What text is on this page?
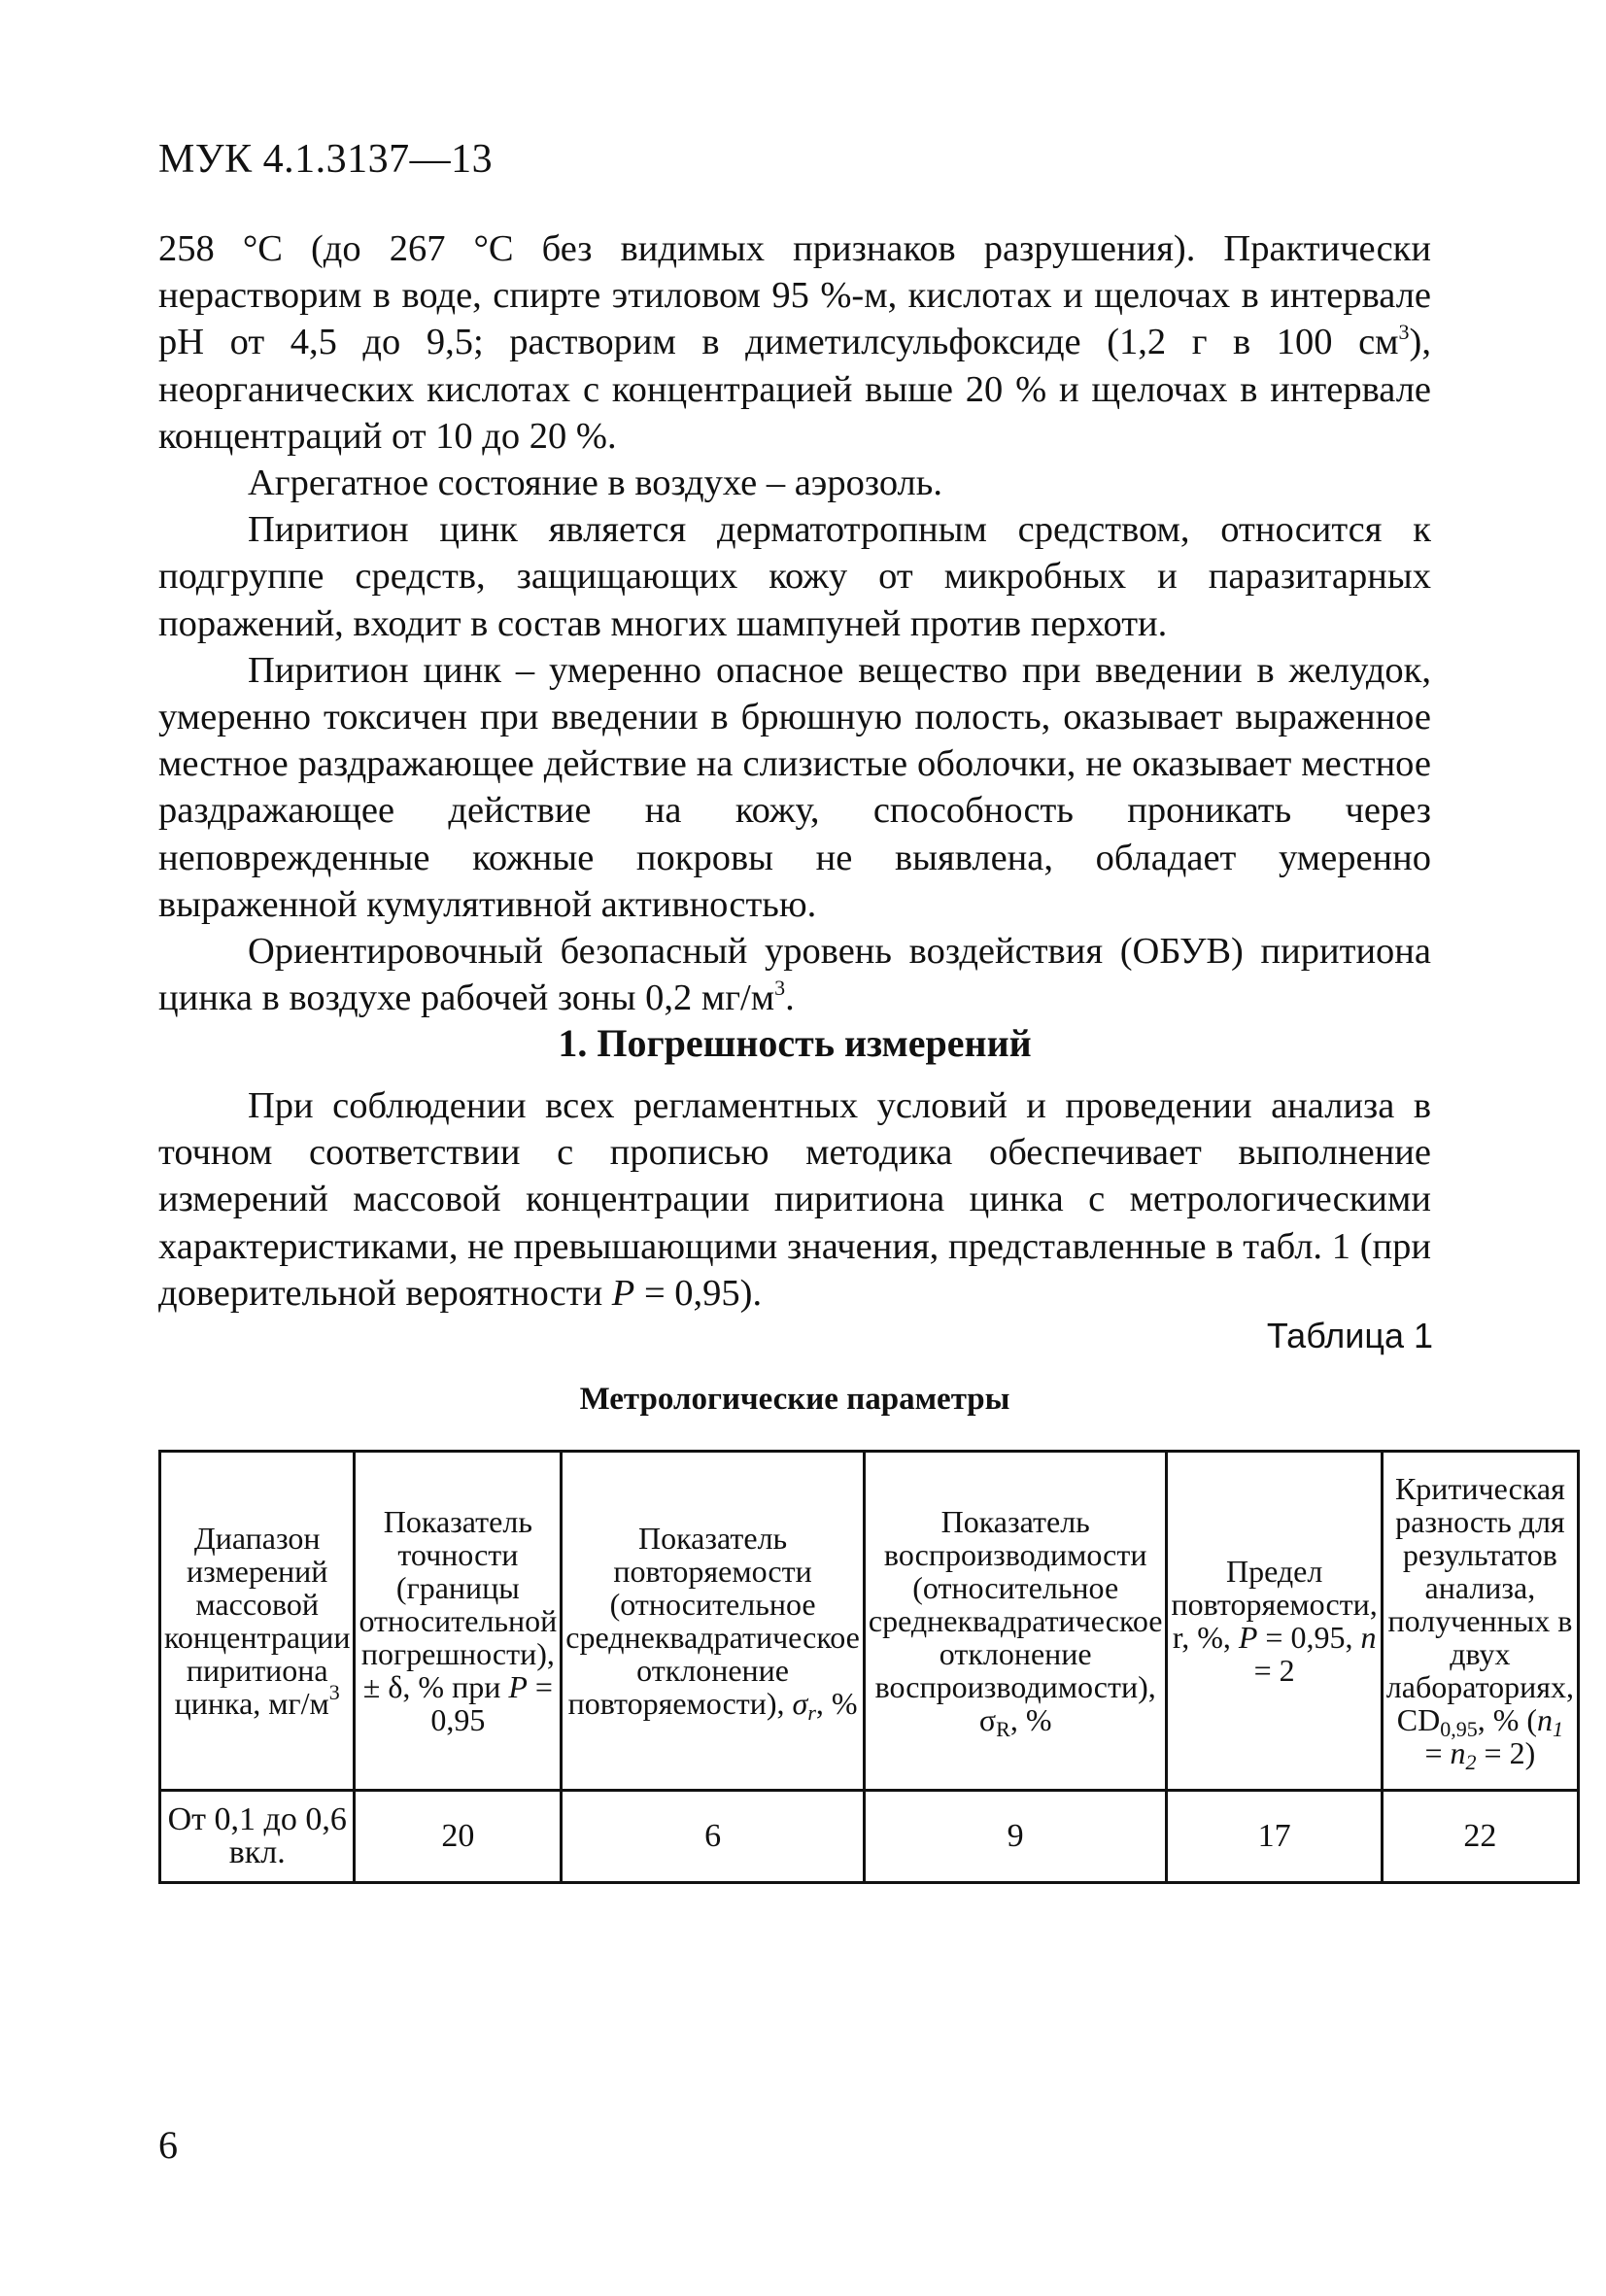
МУК 4.1.3137—13

258 °С (до 267 °С без видимых признаков разрушения). Практически нерастворим в воде, спирте этиловом 95 %-м, кислотах и щелочах в интервале рН от 4,5 до 9,5; растворим в диметилсульфоксиде (1,2 г в 100 $см^3$), неорганических кислотах с концентрацией выше 20 % и щелочах в интервале концентраций от 10 до 20 %.

Агрегатное состояние в воздухе – аэрозоль.

Пиритион цинк является дерматотропным средством, относится к подгруппе средств, защищающих кожу от микробных и паразитарных поражений, входит в состав многих шампуней против перхоти.

Пиритион цинк – умеренно опасное вещество при введении в желудок, умеренно токсичен при введении в брюшную полость, оказывает выраженное местное раздражающее действие на слизистые оболочки, не оказывает местное раздражающее действие на кожу, способность проникать через неповрежденные кожные покровы не выявлена, обладает умеренно выраженной кумулятивной активностью.

Ориентировочный безопасный уровень воздействия (ОБУВ) пиритиона цинка в воздухе рабочей зоны 0,2 $мг/м^3$.

1. Погрешность измерений

При соблюдении всех регламентных условий и проведении анализа в точном соответствии с прописью методика обеспечивает выполнение измерений массовой концентрации пиритиона цинка с метрологическими характеристиками, не превышающими значения, представленные в табл. 1 (при доверительной вероятности P = 0,95).

Таблица 1
Метрологические параметры
Диапазон измерений массовой концентрации пиритиона цинка, $мг/м^3$	Показатель точности (границы относительной погрешности), ± δ, % при P = 0,95	Показатель повторяемости (относительное среднеквадратическое отклонение повторяемости), $\sigma_r$, %	Показатель воспроизводимости (относительное среднеквадратическое отклонение воспроизводимости), $\sigma_R$, %	Предел повторяемости, r, %, P = 0,95, n = 2	Критическая разность для результатов анализа, полученных в двух лабораториях, $CD_{0,95}$, % $(n_1 = n_2 = 2)$
От 0,1 до 0,6 вкл.	20	6	9	17	22
6
